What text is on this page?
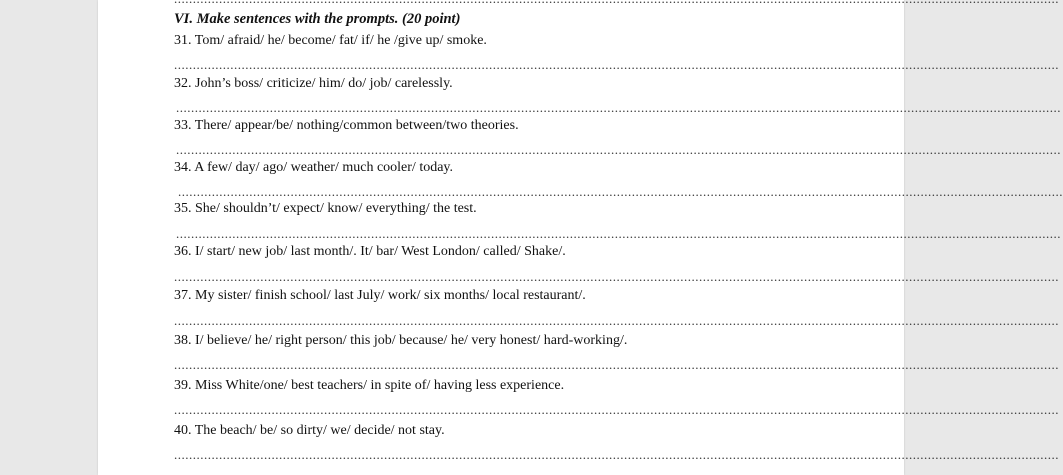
VI. Make sentences with the prompts. (20 point)
31. Tom/ afraid/ he/ become/ fat/ if/ he /give up/ smoke.
............................................................................................................................................................................................................................................
32. John’s boss/ criticize/ him/ do/ job/ carelessly.
............................................................................................................................................................................................................................................
33. There/ appear/be/ nothing/common between/two theories.
............................................................................................................................................................................................................................................
34. A few/ day/ ago/ weather/ much cooler/ today.
............................................................................................................................................................................................................................................
35. She/ shouldn’t/ expect/ know/ everything/ the test.
............................................................................................................................................................................................................................................
36. I/ start/ new job/ last month/. It/ bar/ West London/ called/ Shake/.
............................................................................................................................................................................................................................................
37. My sister/ finish school/ last July/ work/ six months/ local restaurant/.
............................................................................................................................................................................................................................................
38. I/ believe/ he/ right person/ this job/ because/ he/ very honest/ hard-working/.
............................................................................................................................................................................................................................................
39. Miss White/one/ best teachers/ in spite of/ having less experience.
............................................................................................................................................................................................................................................
40. The beach/ be/ so dirty/ we/ decide/ not stay.
............................................................................................................................................................................................................................................
